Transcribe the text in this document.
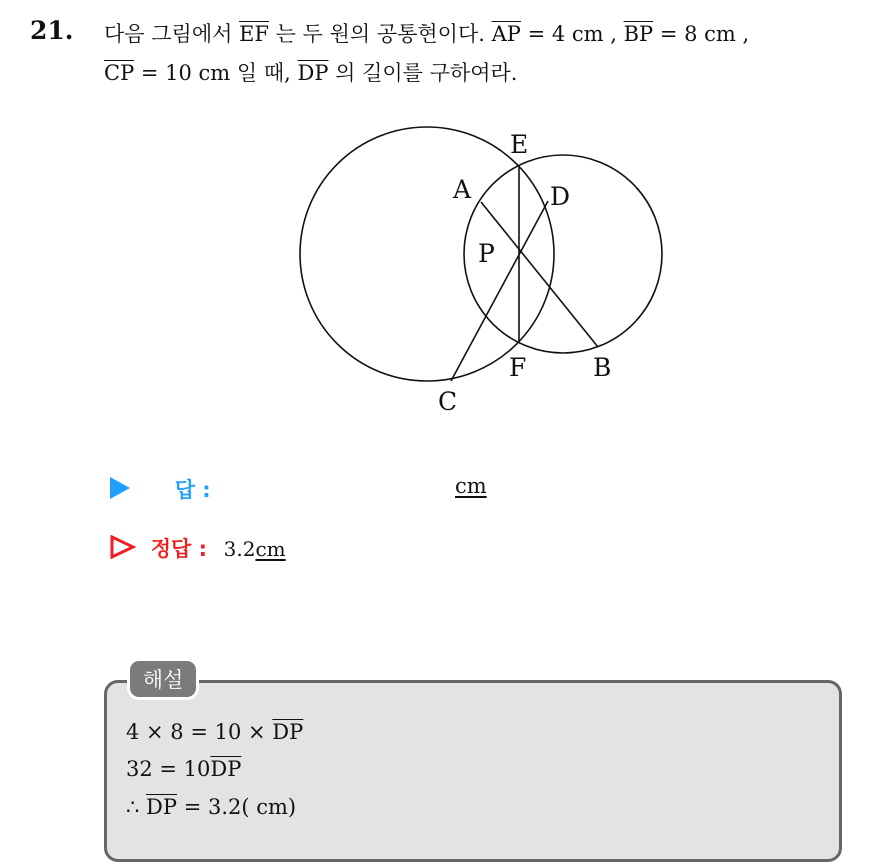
21. 다음 그림에서 $\overline{EF}$ 는 두 원의 공통현이다. $\overline{AP} = 4$ cm , $\overline{BP} = 8$ cm ,
$\overline{CP} = 10$ cm 일 때, $\overline{DP}$ 의 길이를 구하여라.
E
A	D
P
F	B
C
답 :	cm
정답 : 3.2cm
해설
$4 \times 8 = 10 \times \overline{DP}$
$32 = 10\overline{DP}$
∴ $\overline{DP} = 3.2$( cm)
